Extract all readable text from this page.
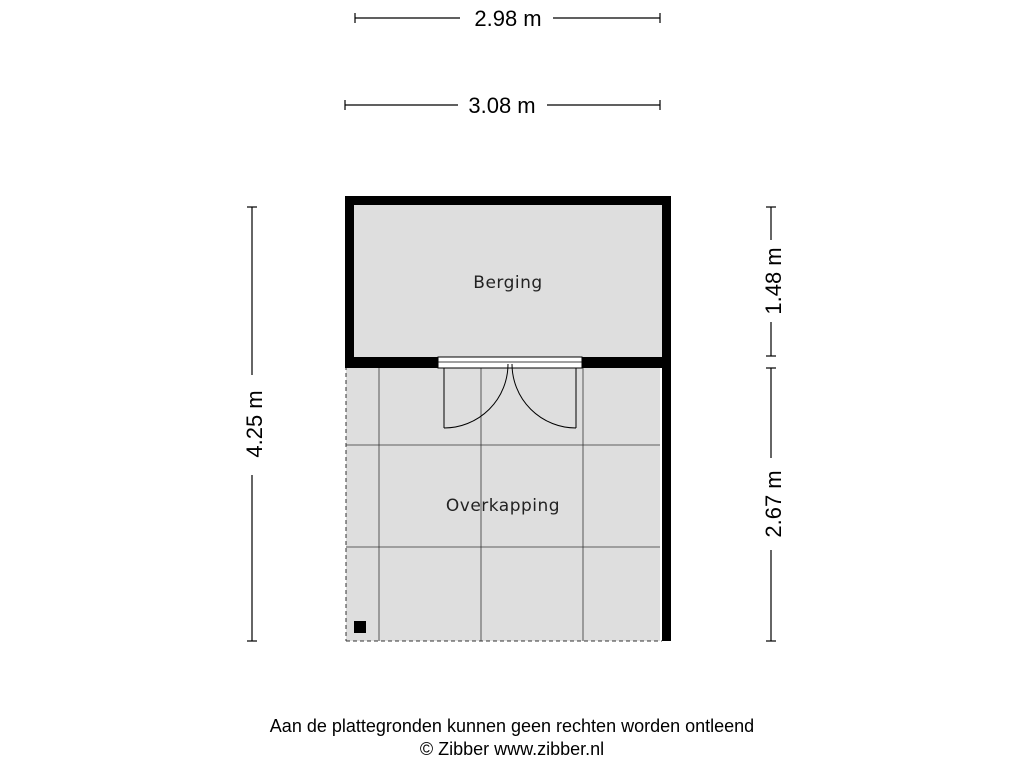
2.98 m
3.08 m
4.25 m
1.48 m
2.67 m
Overkapping
Berging
Aan de plattegronden kunnen geen rechten worden ontleend
© Zibber www.zibber.nl
